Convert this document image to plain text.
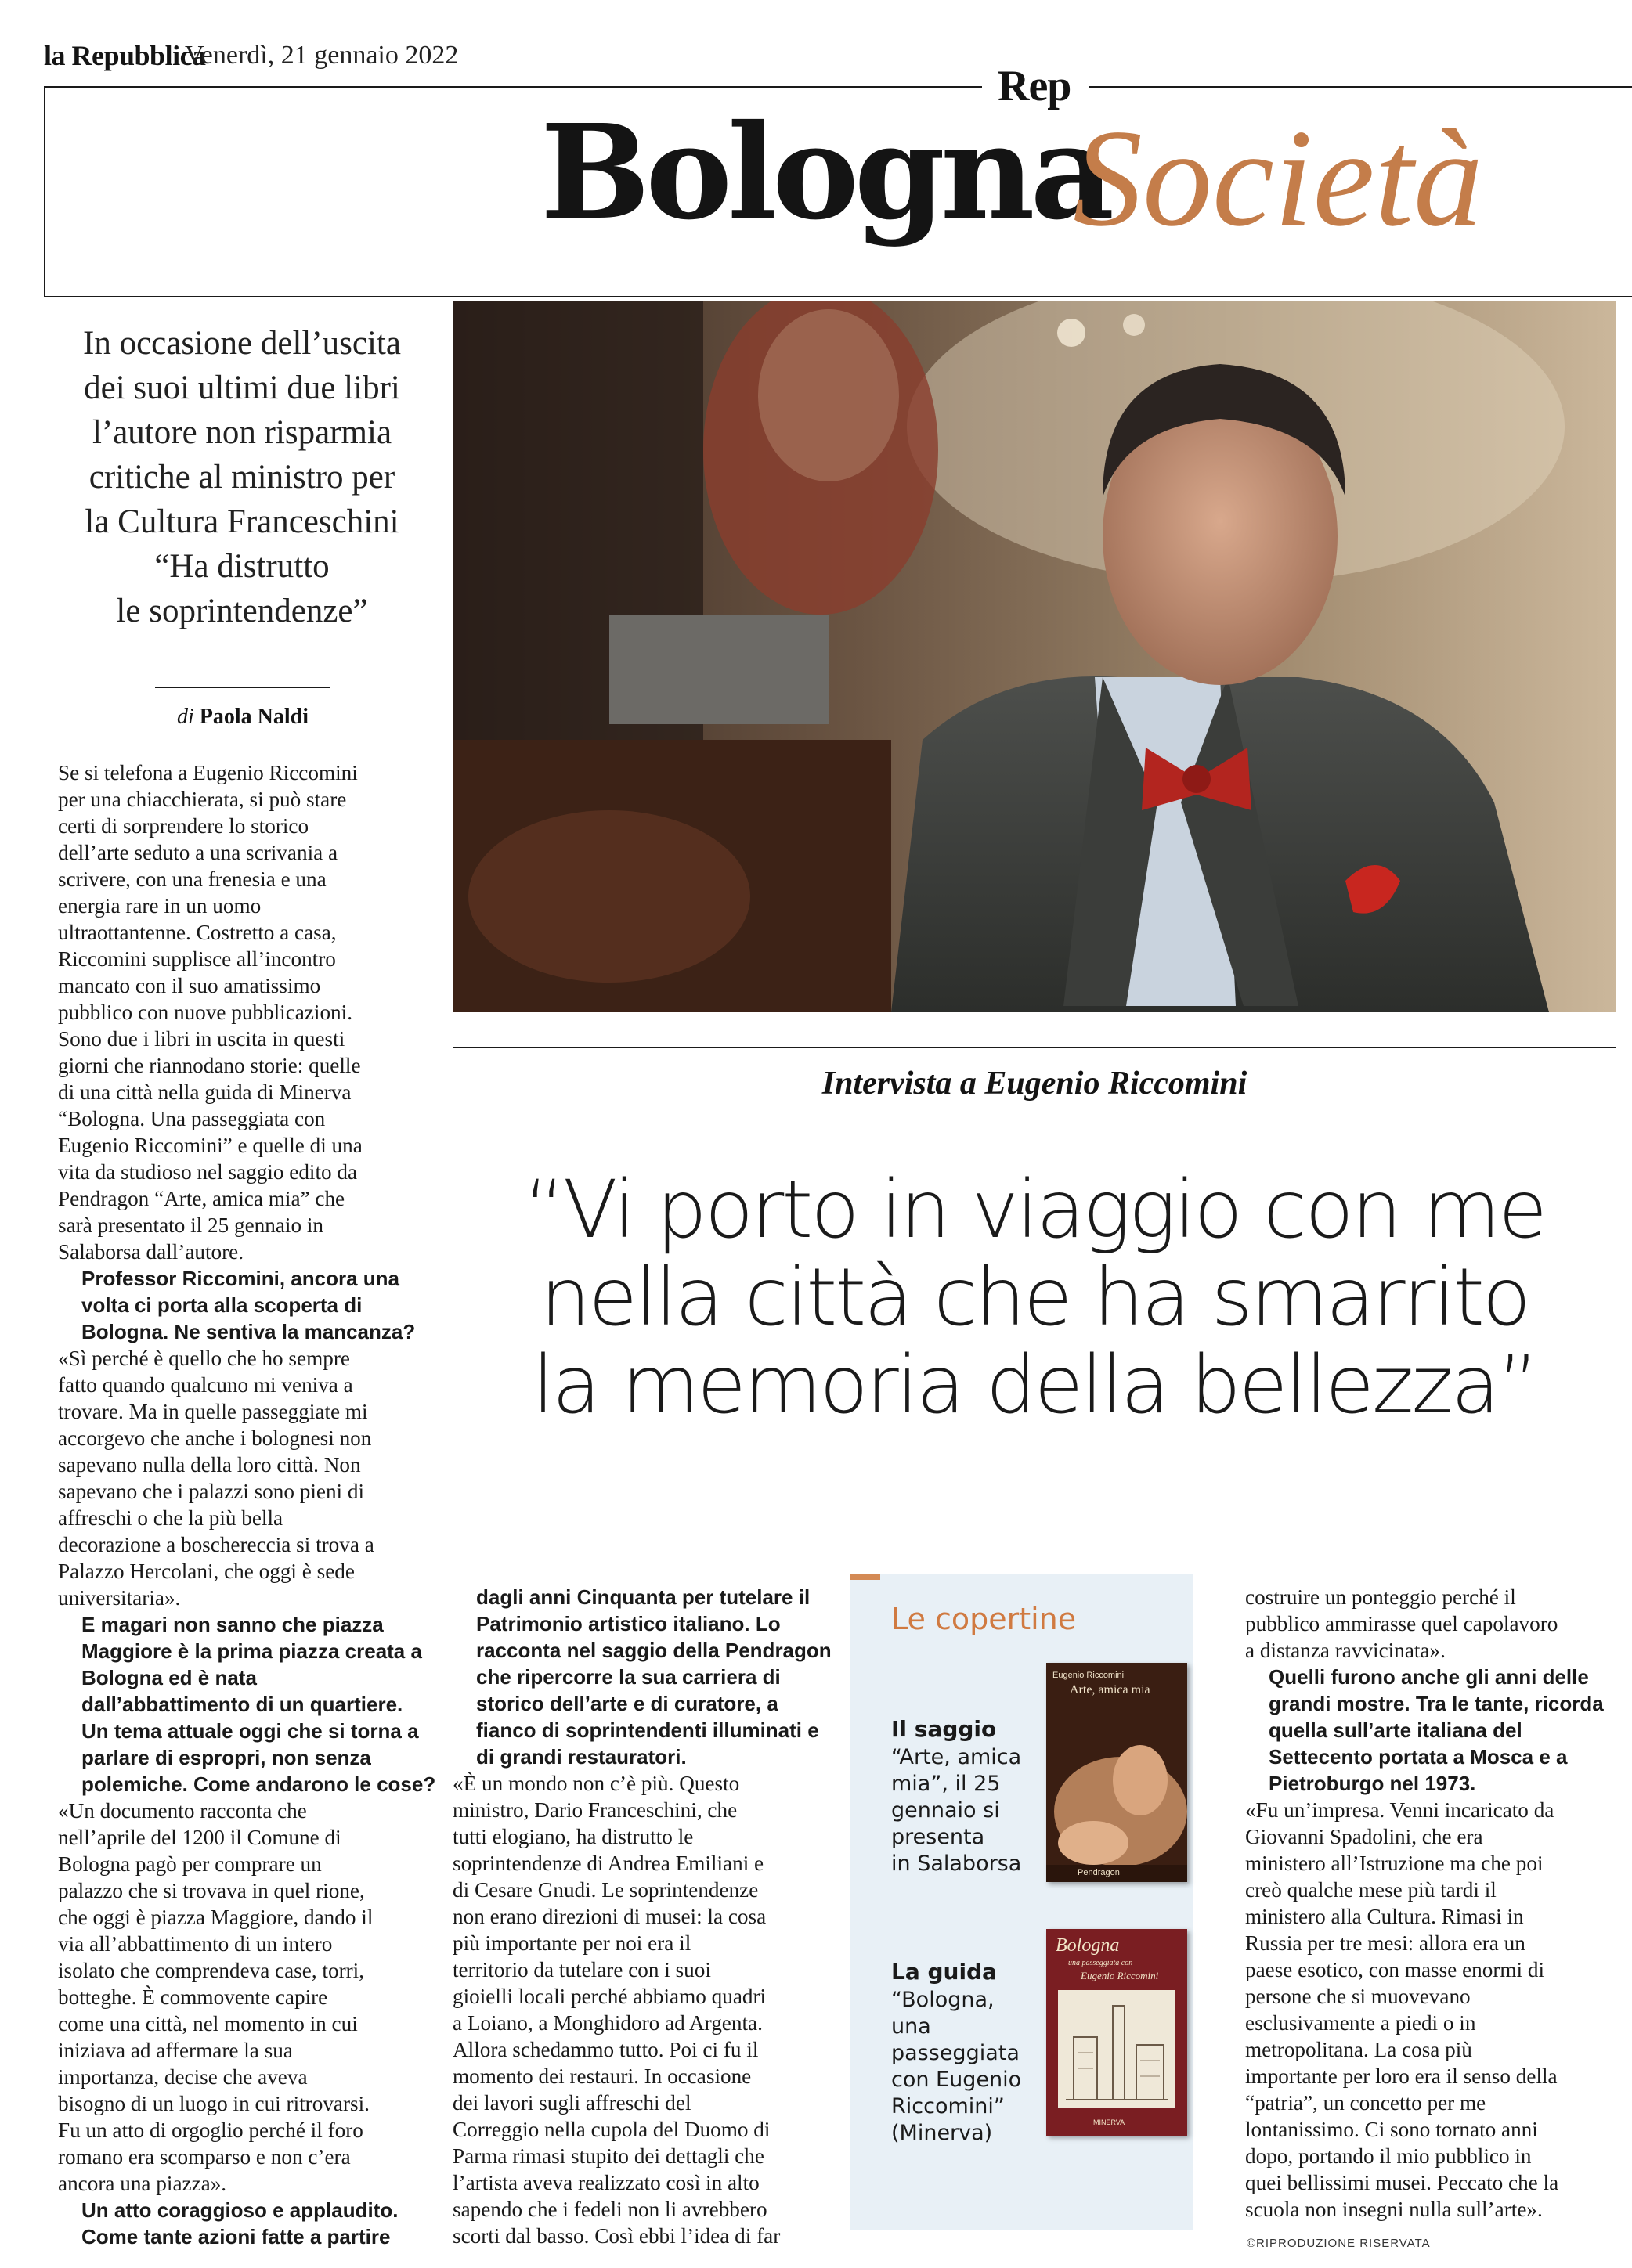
la Repubblica
Venerdì, 21 gennaio 2022
Rep
Bologna
Società
In occasione dell’uscita
dei suoi ultimi due libri
l’autore non risparmia
critiche al ministro per
la Cultura Franceschini
“Ha distrutto
le soprintendenze”
di Paola Naldi

Se si telefona a Eugenio Riccomini
per una chiacchierata, si può stare
certi di sorprendere lo storico
dell’arte seduto a una scrivania a
scrivere, con una frenesia e una
energia rare in un uomo
ultraottantenne. Costretto a casa,
Riccomini supplisce all’incontro
mancato con il suo amatissimo
pubblico con nuove pubblicazioni.
Sono due i libri in uscita in questi
giorni che riannodano storie: quelle
di una città nella guida di Minerva
“Bologna. Una passeggiata con
Eugenio Riccomini” e quelle di una
vita da studioso nel saggio edito da
Pendragon “Arte, amica mia” che
sarà presentato il 25 gennaio in
Salaborsa dall’autore.

Professor Riccomini, ancora una
volta ci porta alla scoperta di
Bologna. Ne sentiva la mancanza?

«Sì perché è quello che ho sempre
fatto quando qualcuno mi veniva a
trovare. Ma in quelle passeggiate mi
accorgevo che anche i bolognesi non
sapevano nulla della loro città. Non
sapevano che i palazzi sono pieni di
affreschi o che la più bella
decorazione a boschereccia si trova a
Palazzo Hercolani, che oggi è sede
universitaria».

E magari non sanno che piazza
Maggiore è la prima piazza creata a
Bologna ed è nata
dall’abbattimento di un quartiere.
Un tema attuale oggi che si torna a
parlare di espropri, non senza
polemiche. Come andarono le cose?

«Un documento racconta che
nell’aprile del 1200 il Comune di
Bologna pagò per comprare un
palazzo che si trovava in quel rione,
che oggi è piazza Maggiore, dando il
via all’abbattimento di un intero
isolato che comprendeva case, torri,
botteghe. È commovente capire
come una città, nel momento in cui
iniziava ad affermare la sua
importanza, decise che aveva
bisogno di un luogo in cui ritrovarsi.
Fu un atto di orgoglio perché il foro
romano era scomparso e non c’era
ancora una piazza».

Un atto coraggioso e applaudito.
Come tante azioni fatte a partire

dagli anni Cinquanta per tutelare il
Patrimonio artistico italiano. Lo
racconta nel saggio della Pendragon
che ripercorre la sua carriera di
storico dell’arte e di curatore, a
fianco di soprintendenti illuminati e
di grandi restauratori.

«È un mondo non c’è più. Questo
ministro, Dario Franceschini, che
tutti elogiano, ha distrutto le
soprintendenze di Andrea Emiliani e
di Cesare Gnudi. Le soprintendenze
non erano direzioni di musei: la cosa
più importante per noi era il
territorio da tutelare con i suoi
gioielli locali perché abbiamo quadri
a Loiano, a Monghidoro ad Argenta.
Allora schedammo tutto. Poi ci fu il
momento dei restauri. In occasione
dei lavori sugli affreschi del
Correggio nella cupola del Duomo di
Parma rimasi stupito dei dettagli che
l’artista aveva realizzato così in alto
sapendo che i fedeli non li avrebbero
scorti dal basso. Così ebbi l’idea di far

costruire un ponteggio perché il
pubblico ammirasse quel capolavoro
a distanza ravvicinata».

Quelli furono anche gli anni delle
grandi mostre. Tra le tante, ricorda
quella sull’arte italiana del
Settecento portata a Mosca e a
Pietroburgo nel 1973.

«Fu un’impresa. Venni incaricato da
Giovanni Spadolini, che era
ministero all’Istruzione ma che poi
creò qualche mese più tardi il
ministero alla Cultura. Rimasi in
Russia per tre mesi: allora era un
paese esotico, con masse enormi di
persone che si muovevano
esclusivamente a piedi o in
metropolitana. La cosa più
importante per loro era il senso della
“patria”, un concetto per me
lontanissimo. Ci sono tornato anni
dopo, portando il mio pubblico in
quei bellissimi musei. Peccato che la
scuola non insegni nulla sull’arte».

Intervista a Eugenio Riccomini
“Vi porto in viaggio con me
nella città che ha smarrito
la memoria della bellezza”
Le copertine
Il saggio
“Arte, amica
mia”, il 25
gennaio si
presenta
in Salaborsa
Eugenio Riccomini
Arte, amica mia
Pendragon
La guida
“Bologna,
una
passeggiata
con Eugenio
Riccomini”
(Minerva)
Bologna
una passeggiata con
Eugenio Riccomini
MINERVA
©RIPRODUZIONE RISERVATA
